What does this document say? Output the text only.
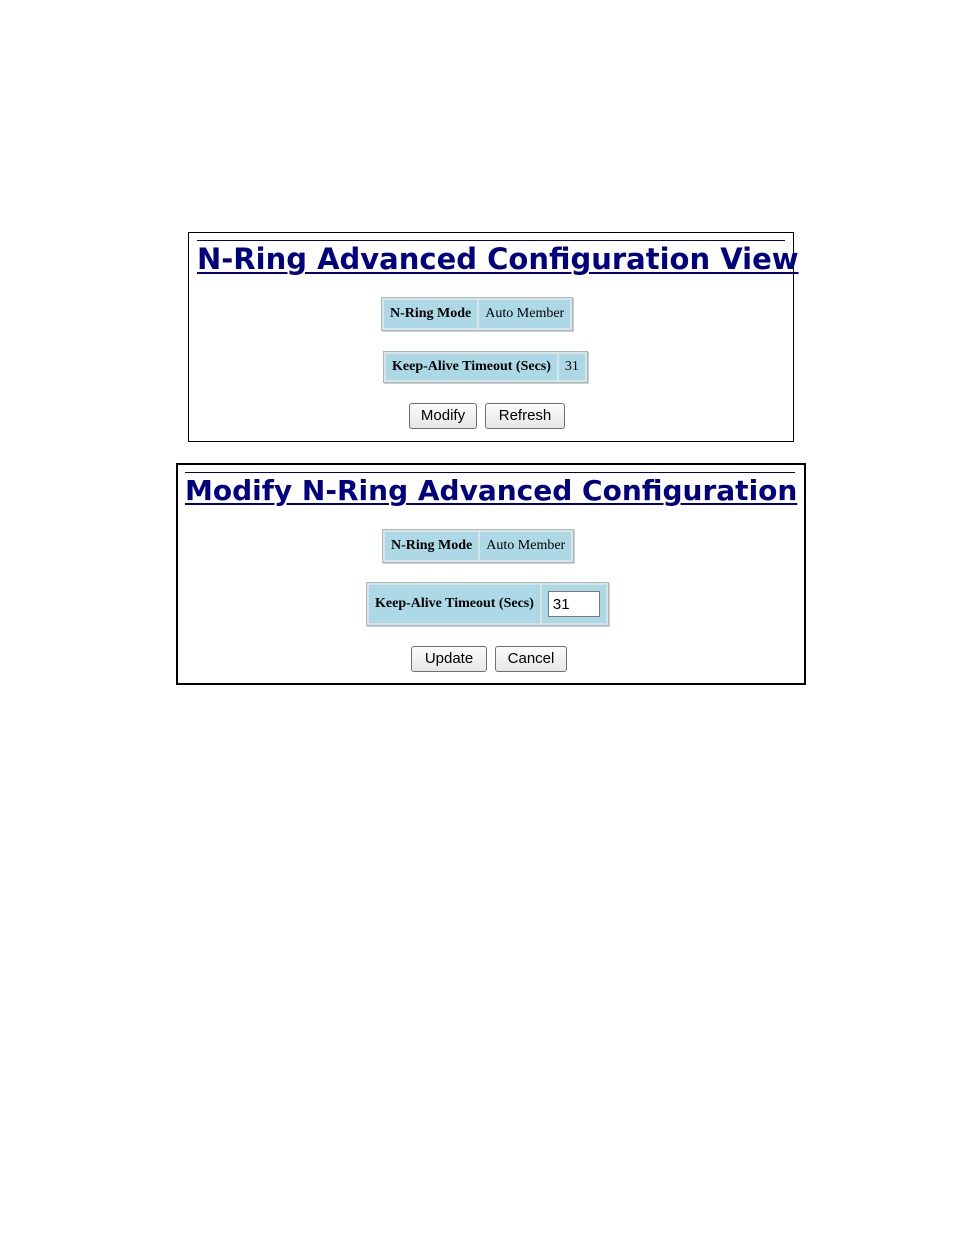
N-Ring Advanced Configuration View
N-Ring Mode	Auto Member
Keep-Alive Timeout (Secs)	31
Modify	Refresh
Modify N-Ring Advanced Configuration
N-Ring Mode	Auto Member
Keep-Alive Timeout (Secs)	31
Update	Cancel
